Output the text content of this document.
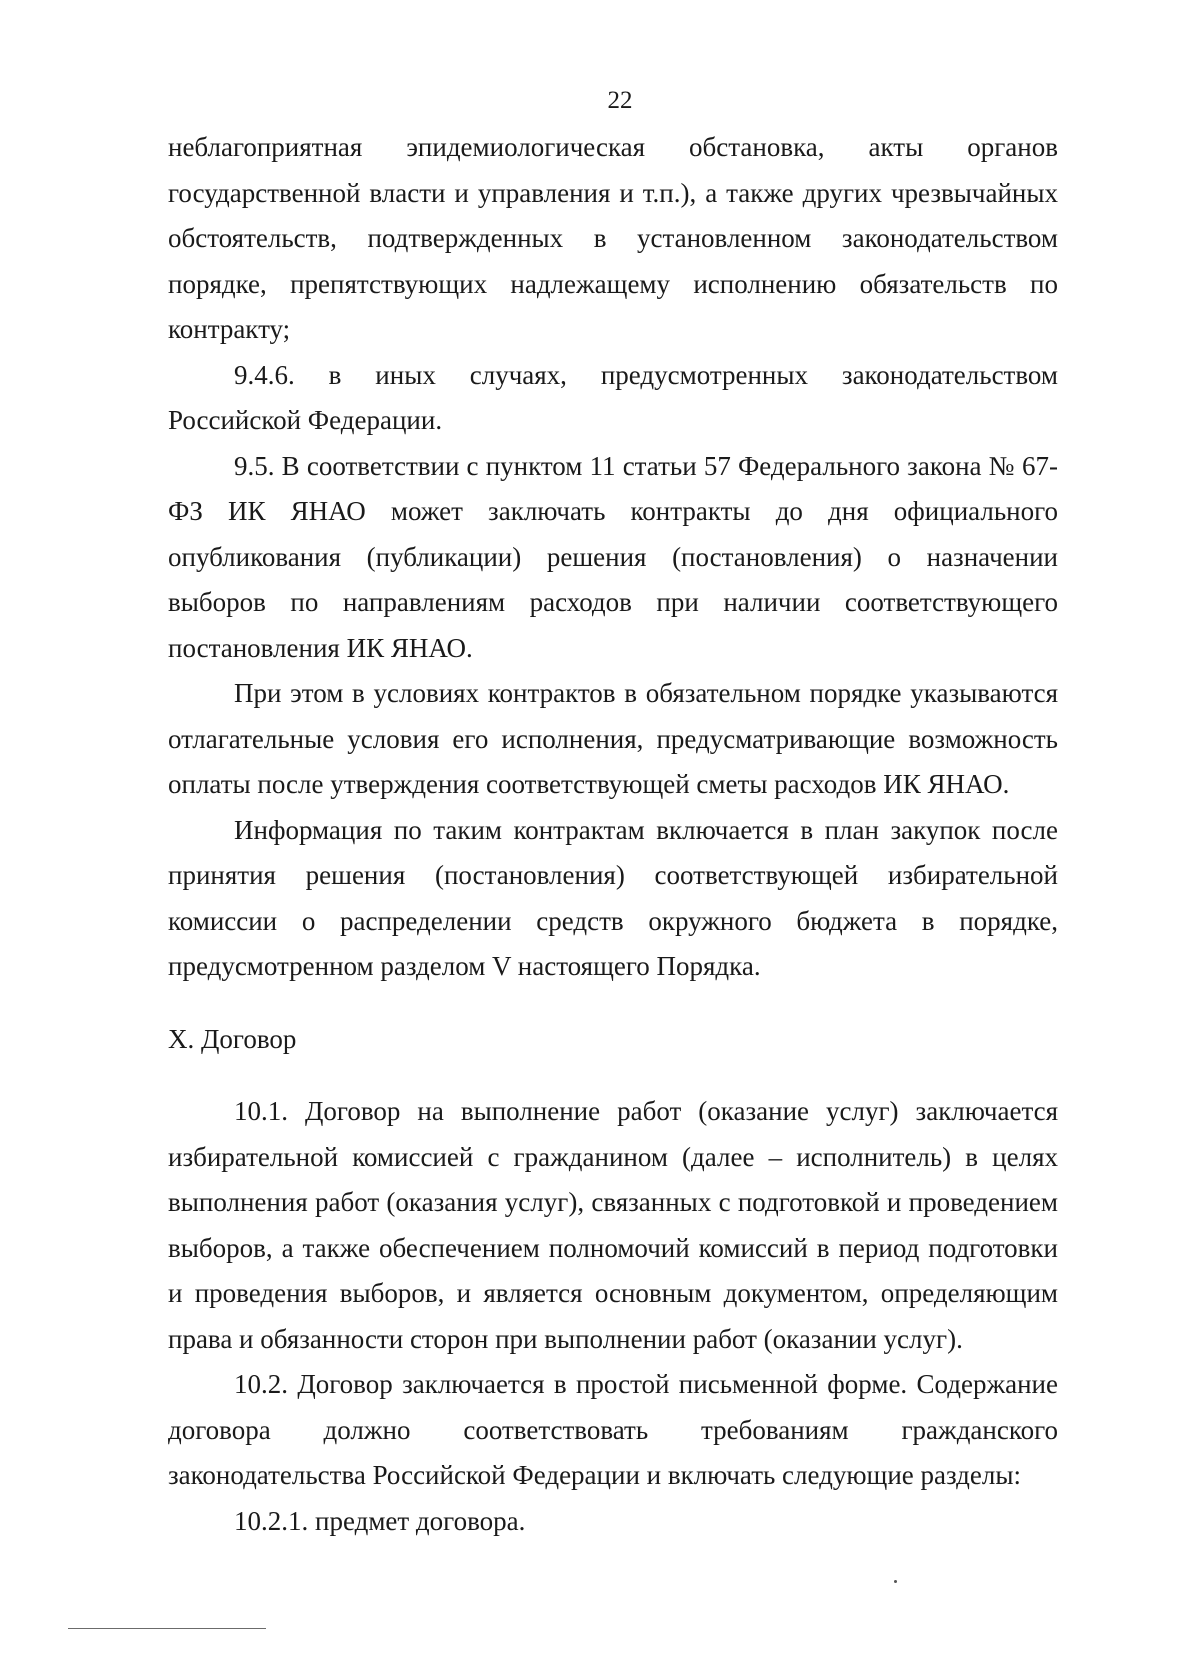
22

неблагоприятная эпидемиологическая обстановка, акты органов государственной власти и управления и т.п.), а также других чрезвычайных обстоятельств, подтвержденных в установленном законодательством порядке, препятствующих надлежащему исполнению обязательств по контракту;

9.4.6. в иных случаях, предусмотренных законодательством Российской Федерации.

9.5. В соответствии с пунктом 11 статьи 57 Федерального закона № 67-ФЗ ИК ЯНАО может заключать контракты до дня официального опубликования (публикации) решения (постановления) о назначении выборов по направлениям расходов при наличии соответствующего постановления ИК ЯНАО.

При этом в условиях контрактов в обязательном порядке указываются отлагательные условия его исполнения, предусматривающие возможность оплаты после утверждения соответствующей сметы расходов ИК ЯНАО.

Информация по таким контрактам включается в план закупок после принятия решения (постановления) соответствующей избирательной комиссии о распределении средств окружного бюджета в порядке, предусмотренном разделом V настоящего Порядка.

X. Договор

10.1. Договор на выполнение работ (оказание услуг) заключается избирательной комиссией с гражданином (далее – исполнитель) в целях выполнения работ (оказания услуг), связанных с подготовкой и проведением выборов, а также обеспечением полномочий комиссий в период подготовки и проведения выборов, и является основным документом, определяющим права и обязанности сторон при выполнении работ (оказании услуг).

10.2. Договор заключается в простой письменной форме. Содержание договора должно соответствовать требованиям гражданского законодательства Российской Федерации и включать следующие разделы:

10.2.1. предмет договора.
